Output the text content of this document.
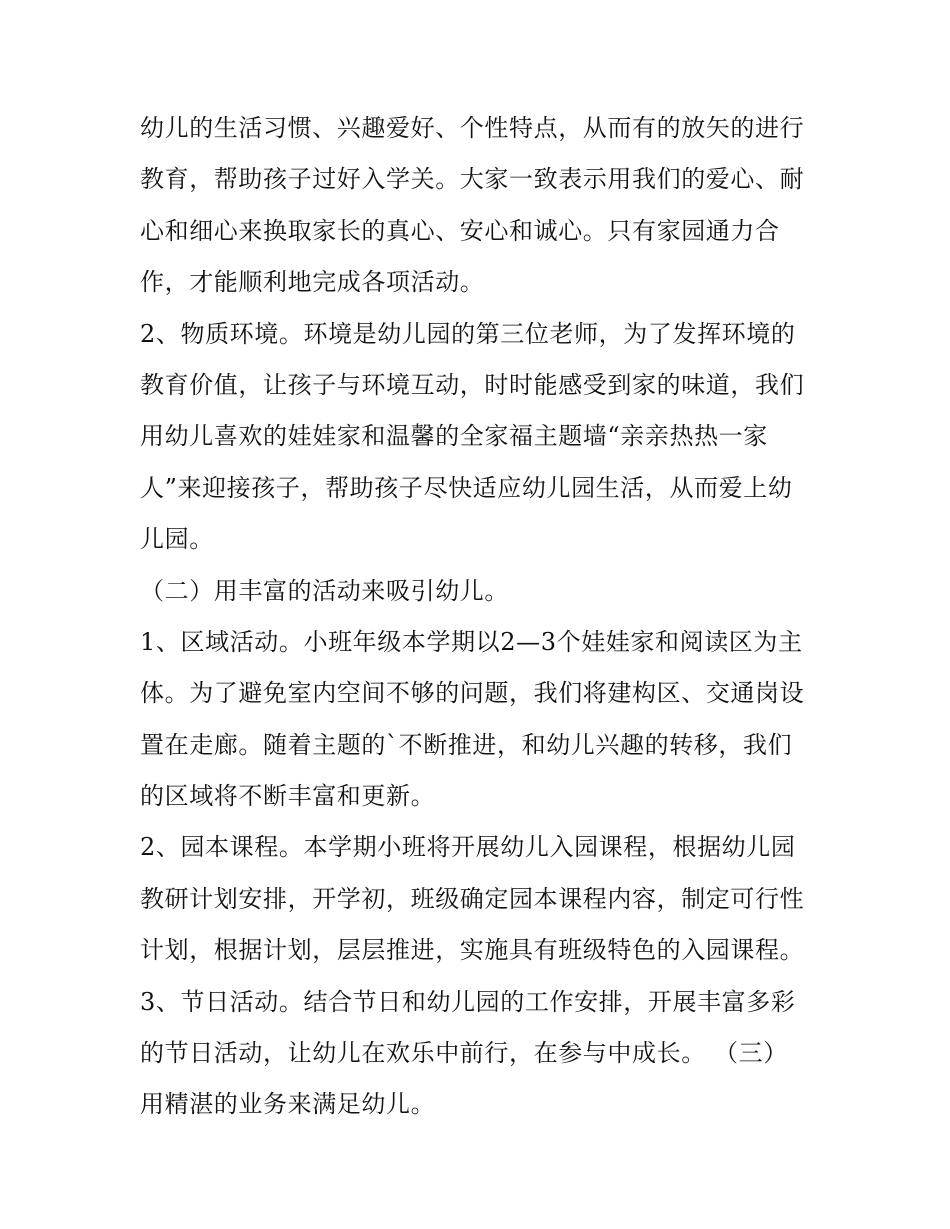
幼儿的生活习惯、兴趣爱好、个性特点，从而有的放矢的进行
教育，帮助孩子过好入学关。大家一致表示用我们的爱心、耐
心和细心来换取家长的真心、安心和诚心。只有家园通力合
作，才能顺利地完成各项活动。
2、物质环境。环境是幼儿园的第三位老师，为了发挥环境的
教育价值，让孩子与环境互动，时时能感受到家的味道，我们
用幼儿喜欢的娃娃家和温馨的全家福主题墙“亲亲热热一家
人”来迎接孩子，帮助孩子尽快适应幼儿园生活，从而爱上幼
儿园。
（二）用丰富的活动来吸引幼儿。
1、区域活动。小班年级本学期以2—3个娃娃家和阅读区为主
体。为了避免室内空间不够的问题，我们将建构区、交通岗设
置在走廊。随着主题的`不断推进，和幼儿兴趣的转移，我们
的区域将不断丰富和更新。
2、园本课程。本学期小班将开展幼儿入园课程，根据幼儿园
教研计划安排，开学初，班级确定园本课程内容，制定可行性
计划，根据计划，层层推进，实施具有班级特色的入园课程。
3、节日活动。结合节日和幼儿园的工作安排，开展丰富多彩
的节日活动，让幼儿在欢乐中前行，在参与中成长。 （三）
用精湛的业务来满足幼儿。
